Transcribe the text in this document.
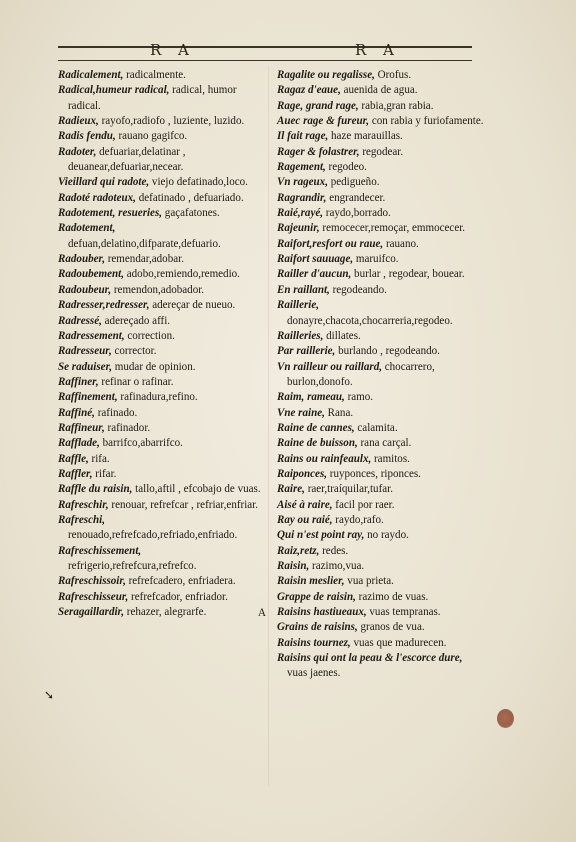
R A	R A

Radicalement, radicalmente.

Radical,humeur radical, radical, humor radical.

Radieux, rayofo,radiofo , luziente, luzido.

Radis fendu, rauano gagifco.

Radoter, defuariar,delatinar , deuanear,defuariar,necear.

Vieillard qui radote, viejo defatinado,loco.

Radoté radoteux, defatinado , defuariado.

Radotement, resueries, gaçafatones.

Radotement, defuan,delatino,difparate,defuario.

Radouber, remendar,adobar.

Radoubement, adobo,remiendo,remedio.

Radoubeur, remendon,adobador.

Radresser,redresser, adereçar de nueuo.

Radressé, adereçado affi.

Radressement, correction.

Radresseur, corrector.

Se raduiser, mudar de opinion.

Raffiner, refinar o rafinar.

Raffinement, rafinadura,refino.

Raffiné, rafinado.

Raffineur, rafinador.

Rafflade, barrifco,abarrifco.

Raffle, rifa.

Raffler, rifar.

Raffle du raisin, tallo,aftil , efcobajo de vuas.

Rafreschir, renouar, refrefcar , refriar,enfriar.

Rafreschi, renouado,refrefcado,refriado,enfriado.

Rafreschissement, refrigerio,refrefcura,refrefco.

Rafreschissoir, refrefcadero, enfriadera.

Rafreschisseur, refrefcador, enfriador.

Seragaillardir, rehazer, alegrarfe.	A

Ragalite ou regalisse, Orofus.

Ragaz d'eaue, auenida de agua.

Rage, grand rage, rabia,gran rabia.

Auec rage & fureur, con rabia y furiofamente.

Il fait rage, haze marauillas.

Rager & folastrer, regodear.

Ragement, regodeo.

Vn rageux, pedigueño.

Ragrandir, engrandecer.

Raié,rayé, raydo,borrado.

Rajeunir, remocecer,remoçar, emmocecer.

Raifort,resfort ou raue, rauano.

Raifort sauuage, maruifco.

Railler d'aucun, burlar , regodear, bouear.

En raillant, regodeando.

Raillerie, donayre,chacota,chocarreria,regodeo.

Railleries, dillates.

Par raillerie, burlando , regodeando.

Vn railleur ou raillard, chocarrero, burlon,donofo.

Raim, rameau, ramo.

Vne raine, Rana.

Raine de cannes, calamita.

Raine de buisson, rana carçal.

Rains ou rainfeaulx, ramitos.

Raiponces, ruyponces, riponces.

Raire, raer,traíquilar,tufar.

Aisé à raire, facil por raer.

Ray ou raié, raydo,rafo.

Qui n'est point ray, no raydo.

Raiz,retz, redes.

Raisin, razimo,vua.

Raisin meslier, vua prieta.

Grappe de raisin, razimo de vuas.

Raisins hastiueaux, vuas tempranas.

Grains de raisins, granos de vua.

Raisins tournez, vuas que madurecen.

Raisins qui ont la peau & l'escorce dure, vuas jaenes.

➘
